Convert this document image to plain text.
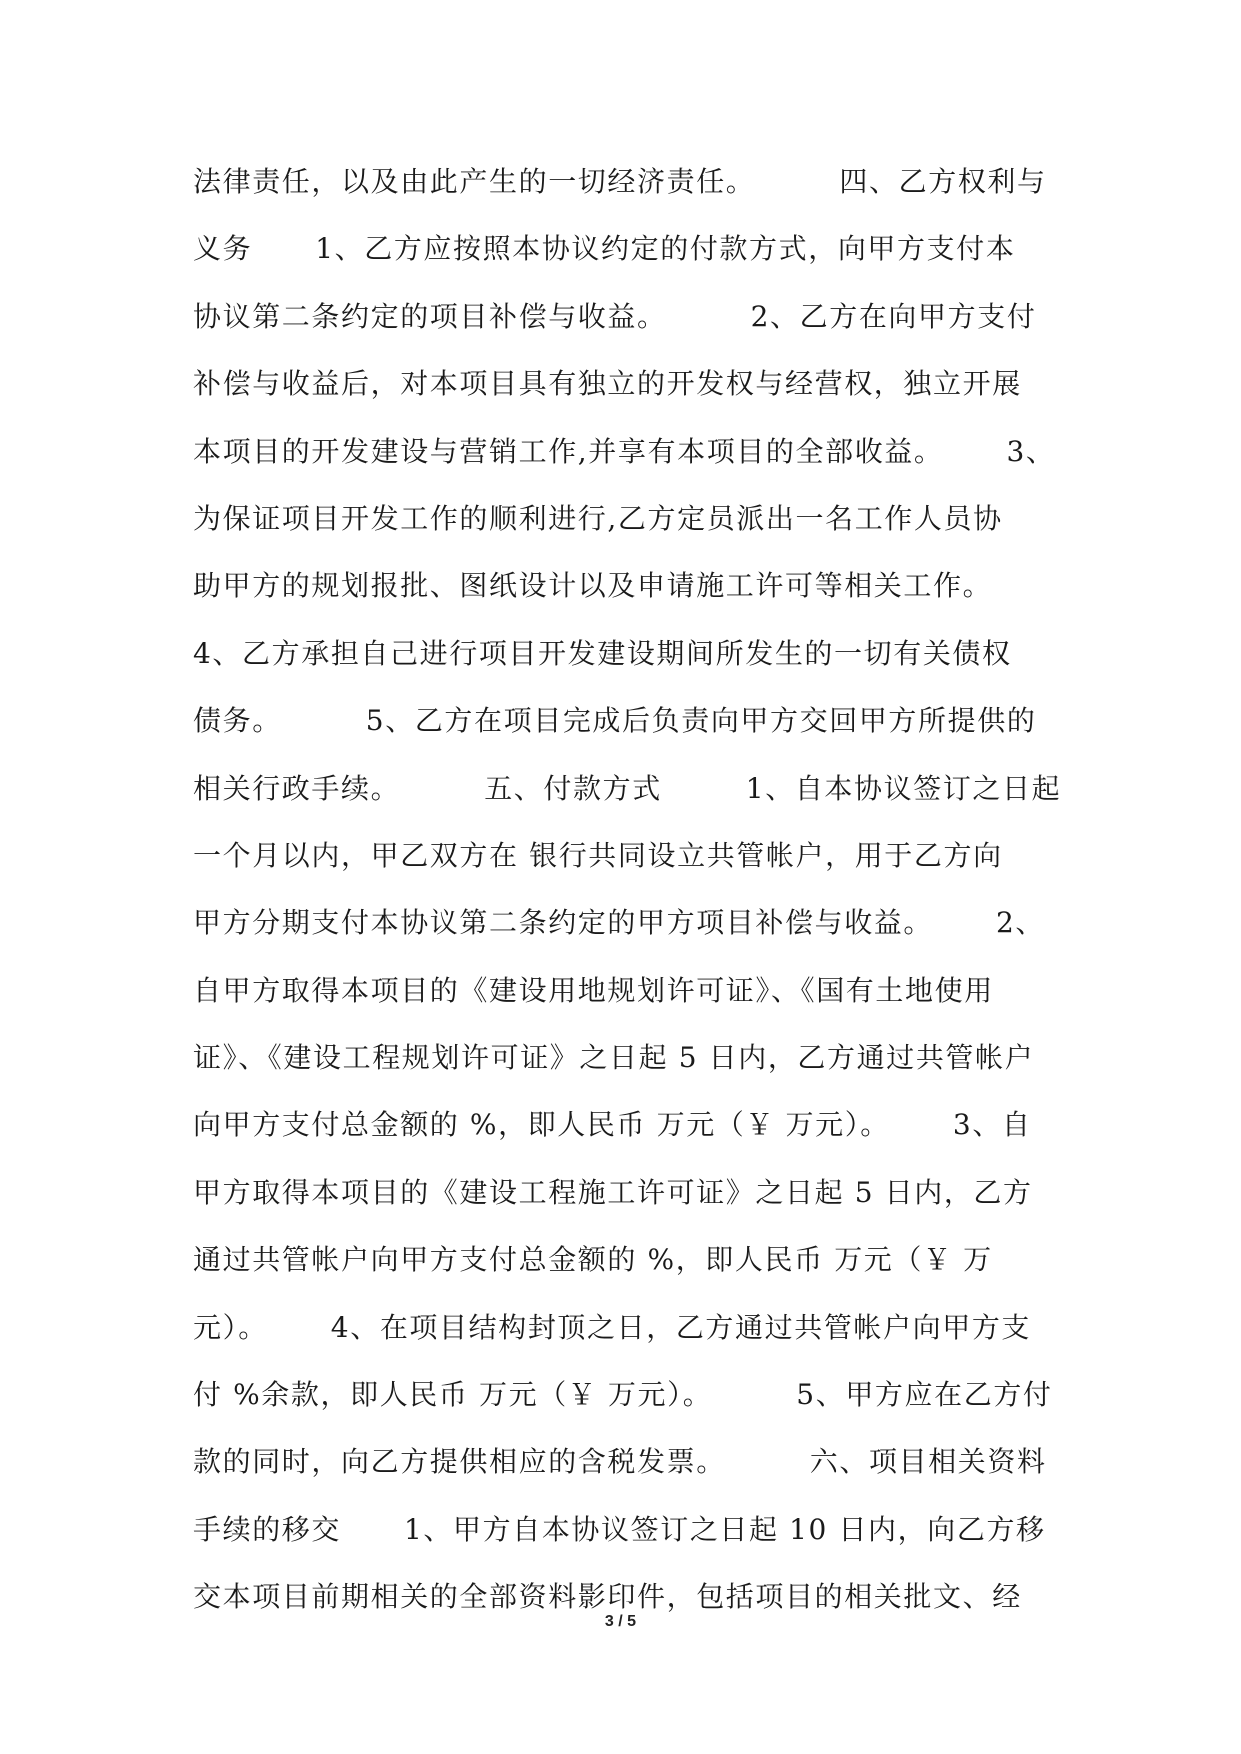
法律责任，以及由此产生的一切经济责任。        四、乙方权利与
义务      1、乙方应按照本协议约定的付款方式，向甲方支付本
协议第二条约定的项目补偿与收益。        2、乙方在向甲方支付
补偿与收益后，对本项目具有独立的开发权与经营权，独立开展
本项目的开发建设与营销工作,并享有本项目的全部收益。      3、
为保证项目开发工作的顺利进行,乙方定员派出一名工作人员协
助甲方的规划报批、图纸设计以及申请施工许可等相关工作。
4、乙方承担自己进行项目开发建设期间所发生的一切有关债权
债务。        5、乙方在项目完成后负责向甲方交回甲方所提供的
相关行政手续。        五、付款方式        1、自本协议签订之日起
一个月以内，甲乙双方在 银行共同设立共管帐户，用于乙方向
甲方分期支付本协议第二条约定的甲方项目补偿与收益。      2、
自甲方取得本项目的《建设用地规划许可证》、《国有土地使用
证》、《建设工程规划许可证》之日起 5 日内，乙方通过共管帐户
向甲方支付总金额的 %，即人民币 万元（￥ 万元）。      3、自
甲方取得本项目的《建设工程施工许可证》之日起 5 日内，乙方
通过共管帐户向甲方支付总金额的 %，即人民币 万元（￥ 万
元）。      4、在项目结构封顶之日，乙方通过共管帐户向甲方支
付 %余款，即人民币 万元（￥ 万元）。        5、甲方应在乙方付
款的同时，向乙方提供相应的含税发票。        六、项目相关资料
手续的移交      1、甲方自本协议签订之日起 10 日内，向乙方移
交本项目前期相关的全部资料影印件，包括项目的相关批文、经
3 / 5
